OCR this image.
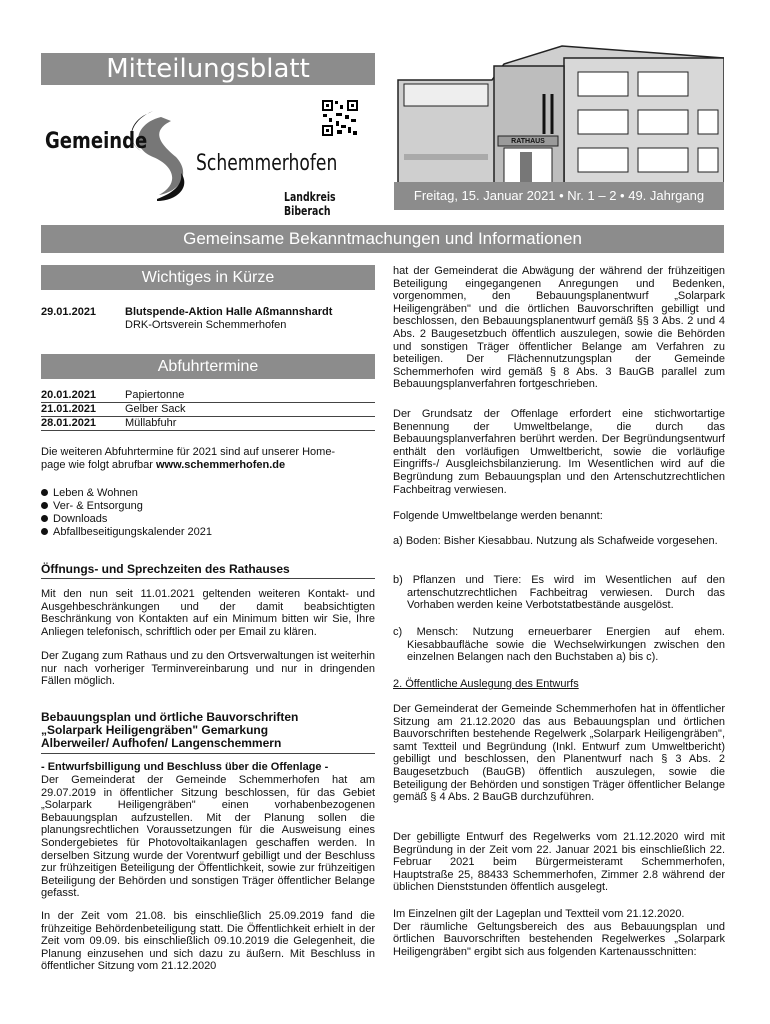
Mitteilungsblatt
Gemeinde
Schemmerhofen
Landkreis Biberach
RATHAUS
Freitag, 15. Januar 2021 • Nr. 1 – 2 • 49. Jahrgang
Gemeinsame Bekanntmachungen und Informationen
Wichtiges in Kürze
29.01.2021	Blutspende-Aktion Halle Aßmannshardt
DRK-Ortsverein Schemmerhofen
Abfuhrtermine
20.01.2021	Papiertonne
21.01.2021	Gelber Sack
28.01.2021	Müllabfuhr
Die weiteren Abfuhrtermine für 2021 sind auf unserer Home-
page wie folgt abrufbar www.schemmerhofen.de
Leben & Wohnen
Ver- & Entsorgung
Downloads
Abfallbeseitigungskalender 2021
Öffnungs- und Sprechzeiten des Rathauses
Mit den nun seit 11.01.2021 geltenden weiteren Kontakt- und Ausgehbeschränkungen und der damit beabsichtigten Beschränkung von Kontakten auf ein Minimum bitten wir Sie, Ihre Anliegen telefonisch, schriftlich oder per Email zu klären.
Der Zugang zum Rathaus und zu den Ortsverwaltungen ist weiterhin nur nach vorheriger Terminvereinbarung und nur in dringenden Fällen möglich.
Bebauungsplan und örtliche Bauvorschriften
„Solarpark Heiligengräben" Gemarkung
Alberweiler/ Aufhofen/ Langenschemmern
- Entwurfsbilligung und Beschluss über die Offenlage -
Der Gemeinderat der Gemeinde Schemmerhofen hat am 29.07.2019 in öffentlicher Sitzung beschlossen, für das Gebiet „Solarpark Heiligengräben" einen vorhabenbezogenen Bebauungsplan aufzustellen. Mit der Planung sollen die planungsrechtlichen Voraussetzungen für die Ausweisung eines Sondergebietes für Photovoltaikanlagen geschaffen werden. In derselben Sitzung wurde der Vorentwurf gebilligt und der Beschluss zur frühzeitigen Beteiligung der Öffentlichkeit, sowie zur frühzeitigen Beteiligung der Behörden und sonstigen Träger öffentlicher Belange gefasst.
In der Zeit vom 21.08. bis einschließlich 25.09.2019 fand die frühzeitige Behördenbeteiligung statt. Die Öffentlichkeit erhielt in der Zeit vom 09.09. bis einschließlich 09.10.2019 die Gelegenheit, die Planung einzusehen und sich dazu zu äußern. Mit Beschluss in öffentlicher Sitzung vom 21.12.2020
hat der Gemeinderat die Abwägung der während der frühzeitigen Beteiligung eingegangenen Anregungen und Bedenken, vorgenommen, den Bebauungsplanentwurf „Solarpark Heiligengräben" und die örtlichen Bauvorschriften gebilligt und beschlossen, den Bebauungsplanentwurf gemäß §§ 3 Abs. 2 und 4 Abs. 2 Baugesetzbuch öffentlich auszulegen, sowie die Behörden und sonstigen Träger öffentlicher Belange am Verfahren zu beteiligen. Der Flächennutzungsplan der Gemeinde Schemmerhofen wird gemäß § 8 Abs. 3 BauGB parallel zum Bebauungsplanverfahren fortgeschrieben.
Der Grundsatz der Offenlage erfordert eine stichwortartige Benennung der Umweltbelange, die durch das Bebauungsplanverfahren berührt werden. Der Begründungsentwurf enthält den vorläufigen Umweltbericht, sowie die vorläufige Eingriffs-/ Ausgleichsbilanzierung. Im Wesentlichen wird auf die Begründung zum Bebauungsplan und den Artenschutzrechtlichen Fachbeitrag verwiesen.
Folgende Umweltbelange werden benannt:
a) Boden: Bisher Kiesabbau. Nutzung als Schafweide vorgesehen.
b) Pflanzen und Tiere: Es wird im Wesentlichen auf den artenschutzrechtlichen Fachbeitrag verwiesen. Durch das Vorhaben werden keine Verbotstatbestände ausgelöst.
c) Mensch: Nutzung erneuerbarer Energien auf ehem. Kiesabbaufläche sowie die Wechselwirkungen zwischen den einzelnen Belangen nach den Buchstaben a) bis c).
2. Öffentliche Auslegung des Entwurfs
Der Gemeinderat der Gemeinde Schemmerhofen hat in öffentlicher Sitzung am 21.12.2020 das aus Bebauungsplan und örtlichen Bauvorschriften bestehende Regelwerk „Solarpark Heiligengräben", samt Textteil und Begründung (Inkl. Entwurf zum Umweltbericht) gebilligt und beschlossen, den Planentwurf nach § 3 Abs. 2 Baugesetzbuch (BauGB) öffentlich auszulegen, sowie die Beteiligung der Behörden und sonstigen Träger öffentlicher Belange gemäß § 4 Abs. 2 BauGB durchzuführen.
Der gebilligte Entwurf des Regelwerks vom 21.12.2020 wird mit Begründung in der Zeit vom 22. Januar 2021 bis einschließlich 22. Februar 2021 beim Bürgermeisteramt Schemmerhofen, Hauptstraße 25, 88433 Schemmerhofen, Zimmer 2.8 während der üblichen Dienststunden öffentlich ausgelegt.
Im Einzelnen gilt der Lageplan und Textteil vom 21.12.2020.
Der räumliche Geltungsbereich des aus Bebauungsplan und örtlichen Bauvorschriften bestehenden Regelwerkes „Solarpark Heiligengräben" ergibt sich aus folgenden Kartenausschnitten:
